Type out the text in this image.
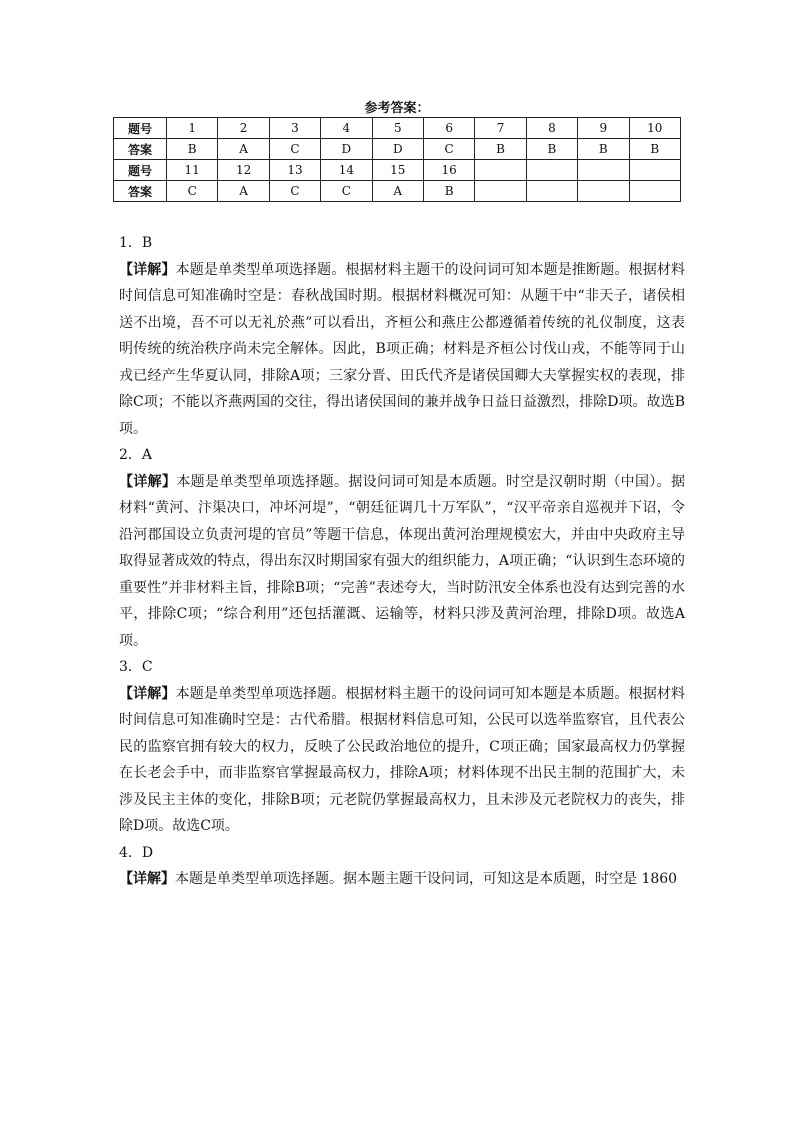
参考答案：
题号	1	2	3	4	5	6	7	8	9	10
答案	B	A	C	D	D	C	B	B	B	B
题号	11	12	13	14	15	16				
答案	C	A	C	C	A	B				

1．B

【详解】本题是单类型单项选择题。根据材料主题干的设问词可知本题是推断题。根据材料时间信息可知准确时空是：春秋战国时期。根据材料概况可知：从题干中“非天子，诸侯相送不出境，吾不可以无礼於燕”可以看出，齐桓公和燕庄公都遵循着传统的礼仪制度，这表明传统的统治秩序尚未完全解体。因此，B项正确；材料是齐桓公讨伐山戎，不能等同于山戎已经产生华夏认同，排除A项；三家分晋、田氏代齐是诸侯国卿大夫掌握实权的表现，排除C项；不能以齐燕两国的交往，得出诸侯国间的兼并战争日益日益激烈，排除D项。故选B项。

2．A

【详解】本题是单类型单项选择题。据设问词可知是本质题。时空是汉朝时期（中国）。据材料“黄河、汴渠决口，冲坏河堤”，“朝廷征调几十万军队”，“汉平帝亲自巡视并下诏，令沿河郡国设立负责河堤的官员”等题干信息，体现出黄河治理规模宏大，并由中央政府主导取得显著成效的特点，得出东汉时期国家有强大的组织能力，A项正确；“认识到生态环境的重要性”并非材料主旨，排除B项；“完善”表述夸大，当时防汛安全体系也没有达到完善的水平，排除C项；“综合利用”还包括灌溉、运输等，材料只涉及黄河治理，排除D项。故选A项。

3．C

【详解】本题是单类型单项选择题。根据材料主题干的设问词可知本题是本质题。根据材料时间信息可知准确时空是：古代希腊。根据材料信息可知，公民可以选举监察官，且代表公民的监察官拥有较大的权力，反映了公民政治地位的提升，C项正确；国家最高权力仍掌握在长老会手中，而非监察官掌握最高权力，排除A项；材料体现不出民主制的范围扩大，未涉及民主主体的变化，排除B项；元老院仍掌握最高权力，且未涉及元老院权力的丧失，排除D项。故选C项。

4．D

【详解】本题是单类型单项选择题。据本题主题干设问词，可知这是本质题，时空是 1860
